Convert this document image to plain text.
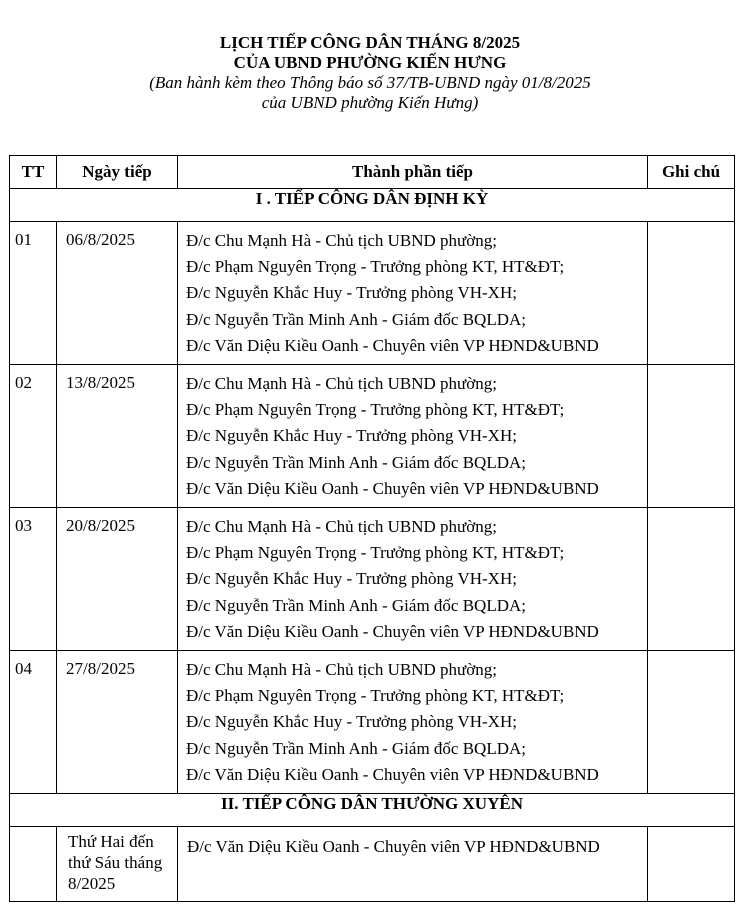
LỊCH TIẾP CÔNG DÂN THÁNG 8/2025
CỦA UBND PHƯỜNG KIẾN HƯNG
(Ban hành kèm theo Thông báo số 37/TB-UBND ngày 01/8/2025
của UBND phường Kiến Hưng)
TT	Ngày tiếp	Thành phần tiếp	Ghi chú
I . TIẾP CÔNG DÂN ĐỊNH KỲ			
01	06/8/2025	Đ/c Chu Mạnh Hà - Chủ tịch UBND phường;
Đ/c Phạm Nguyên Trọng - Trưởng phòng KT, HT&ĐT;
Đ/c Nguyễn Khắc Huy - Trưởng phòng VH-XH;
Đ/c Nguyễn Trần Minh Anh - Giám đốc BQLDA;
Đ/c Văn Diệu Kiều Oanh - Chuyên viên VP HĐND&UBND	

02	13/8/2025	Đ/c Chu Mạnh Hà - Chủ tịch UBND phường;
Đ/c Phạm Nguyên Trọng - Trưởng phòng KT, HT&ĐT;
Đ/c Nguyễn Khắc Huy - Trưởng phòng VH-XH;
Đ/c Nguyễn Trần Minh Anh - Giám đốc BQLDA;
Đ/c Văn Diệu Kiều Oanh - Chuyên viên VP HĐND&UBND	

03	20/8/2025	Đ/c Chu Mạnh Hà - Chủ tịch UBND phường;
Đ/c Phạm Nguyên Trọng - Trưởng phòng KT, HT&ĐT;
Đ/c Nguyễn Khắc Huy - Trưởng phòng VH-XH;
Đ/c Nguyễn Trần Minh Anh - Giám đốc BQLDA;
Đ/c Văn Diệu Kiều Oanh - Chuyên viên VP HĐND&UBND	

04	27/8/2025	Đ/c Chu Mạnh Hà - Chủ tịch UBND phường;
Đ/c Phạm Nguyên Trọng - Trưởng phòng KT, HT&ĐT;
Đ/c Nguyễn Khắc Huy - Trưởng phòng VH-XH;
Đ/c Nguyễn Trần Minh Anh - Giám đốc BQLDA;
Đ/c Văn Diệu Kiều Oanh - Chuyên viên VP HĐND&UBND	

II. TIẾP CÔNG DÂN THƯỜNG XUYÊN			

	Thứ Hai đến thứ Sáu tháng 8/2025	Đ/c Văn Diệu Kiều Oanh - Chuyên viên VP HĐND&UBND	
